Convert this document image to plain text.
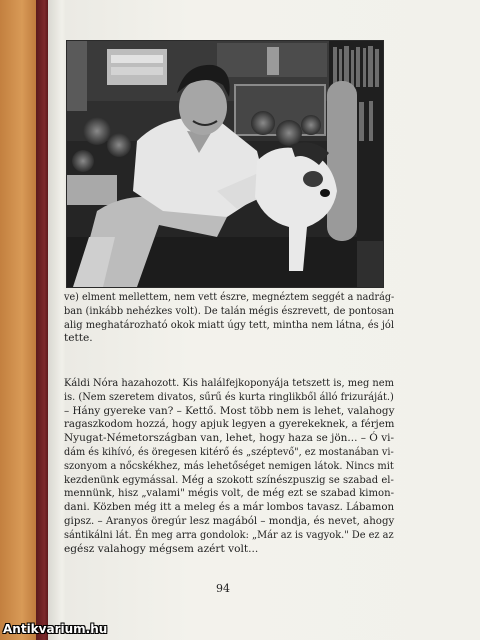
ve) elment mellettem, nem vett észre, megnéztem seggét a nadrág-
ban (inkább nehézkes volt). De talán mégis észrevett, de pontosan
alig meghatározható okok miatt úgy tett, mintha nem látna, és jól
tette.
Káldi Nóra hazahozott. Kis halálfejkoponyája tetszett is, meg nem
is. (Nem szeretem divatos, sűrű és kurta ringlikből álló frizuráját.)
– Hány gyereke van? – Kettő. Most több nem is lehet, valahogy
ragaszkodom hozzá, hogy apjuk legyen a gyerekeknek, a férjem
Nyugat-Németországban van, lehet, hogy haza se jön... – Ó vi-
dám és kihívó, és öregesen kitérő és „széptevő", ez mostanában vi-
szonyom a nőcskékhez, más lehetőséget nemigen látok. Nincs mit
kezdenünk egymással. Még a szokott színészpuszig se szabad el-
mennünk, hisz „valami" mégis volt, de még ezt se szabad kimon-
dani. Közben még itt a meleg és a már lombos tavasz. Lábamon
gipsz. – Aranyos öregúr lesz magából – mondja, és nevet, ahogy
sántikálni lát. Én meg arra gondolok: „Már az is vagyok." De ez az
egész valahogy mégsem azért volt...
94
Antikvarium.hu
